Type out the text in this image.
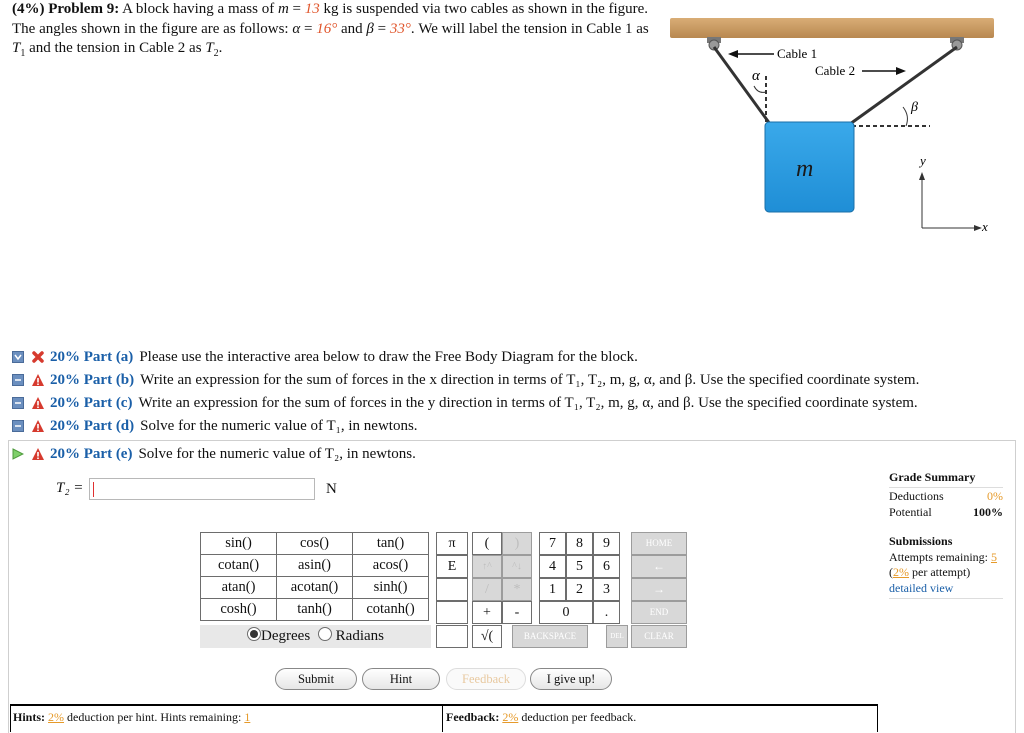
(4%) Problem 9: A block having a mass of m = 13 kg is suspended via two cables as shown in the figure. The angles shown in the figure are as follows: α = 16° and β = 33°. We will label the tension in Cable 1 as $T_1$ and the tension in Cable 2 as $T_2$.
α
β
Cable 1
Cable 2
m	y
x
20% Part (a) Please use the interactive area below to draw the Free Body Diagram for the block.
20% Part (b) Write an expression for the sum of forces in the x direction in terms of T₁, T₂, m, g, α, and β. Use the specified coordinate system.
20% Part (c) Write an expression for the sum of forces in the y direction in terms of T₁, T₂, m, g, α, and β. Use the specified coordinate system.
20% Part (d) Solve for the numeric value of T₁, in newtons.
20% Part (e) Solve for the numeric value of T₂, in newtons.
T₂ =	N
sin()	cos()	tan()
cotan()	asin()	acos()
atan()	acotan()	sinh()
cosh()	tanh()	cotanh()
Degrees Radians
π
E
(	)
↑^	^↓
/	*
+	-
√(
7	8	9
4	5	6
1	2	3
0	.
HOME
←
→
END
BACKSPACE	DEL	CLEAR
Submit	Hint	Feedback	I give up!
Hints: 2% deduction per hint. Hints remaining: 1	Feedback: 2% deduction per feedback.
Grade Summary
Deductions	0%
Potential	100%
Submissions
Attempts remaining: 5
(2% per attempt)
detailed view
